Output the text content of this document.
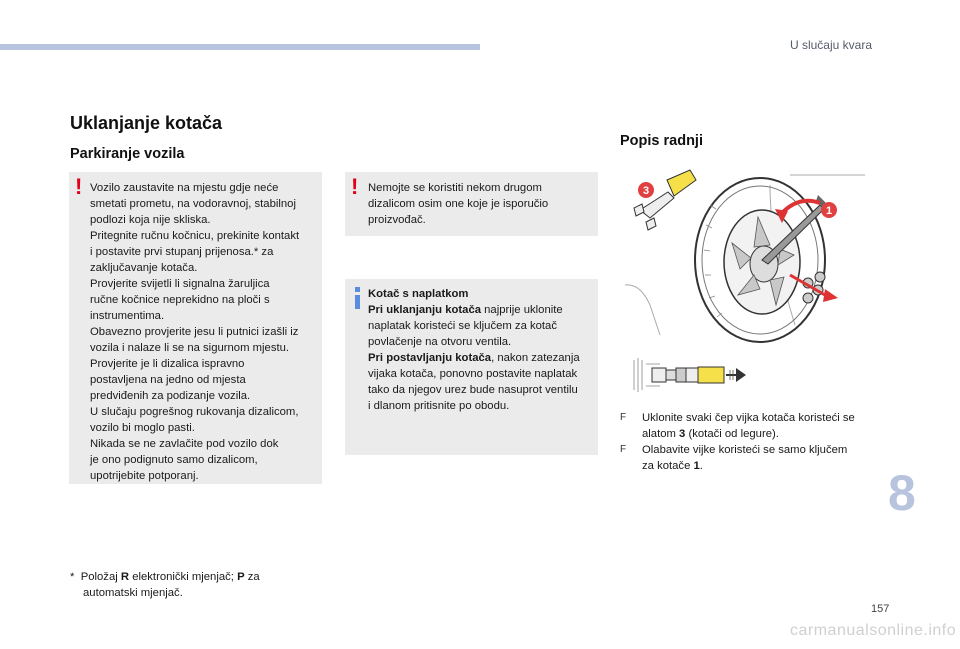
U slučaju kvara
Uklanjanje kotača
Parkiranje vozila
! Vozilo zaustavite na mjestu gdje neće

smetati prometu, na vodoravnoj, stabilnoj

podlozi koja nije skliska.

Pritegnite ručnu kočnicu, prekinite kontakt

i postavite prvi stupanj prijenosa.* za

zaključavanje kotača.

Provjerite svijetli li signalna žaruljica

ručne kočnice neprekidno na ploči s

instrumentima.

Obavezno provjerite jesu li putnici izašli iz

vozila i nalaze li se na sigurnom mjestu.

Provjerite je li dizalica ispravno

postavljena na jedno od mjesta

predviđenih za podizanje vozila.

U slučaju pogrešnog rukovanja dizalicom,

vozilo bi moglo pasti.

Nikada se ne zavlačite pod vozilo dok

je ono podignuto samo dizalicom,

upotrijebite potporanj.

! Nemojte se koristiti nekom drugom

dizalicom osim one koje je isporučio

proizvođač.

Kotač s naplatkom

Pri uklanjanju kotača najprije uklonite

naplatak koristeći se ključem za kotač

povlačenje na otvoru ventila.

Pri postavljanju kotača, nakon zatezanja

vijaka kotača, ponovno postavite naplatak

tako da njegov urez bude nasuprot ventilu

i dlanom pritisnite po obodu.

Popis radnji
3
1
F	Uklonite svaki čep vijka kotača koristeći se
alatom 3 (kotači od legure).
F	Olabavite vijke koristeći se samo ključem
za kotače 1.
* Položaj R elektronički mjenjač; P za
automatski mjenjač.
8
157
carmanualsonline.info
